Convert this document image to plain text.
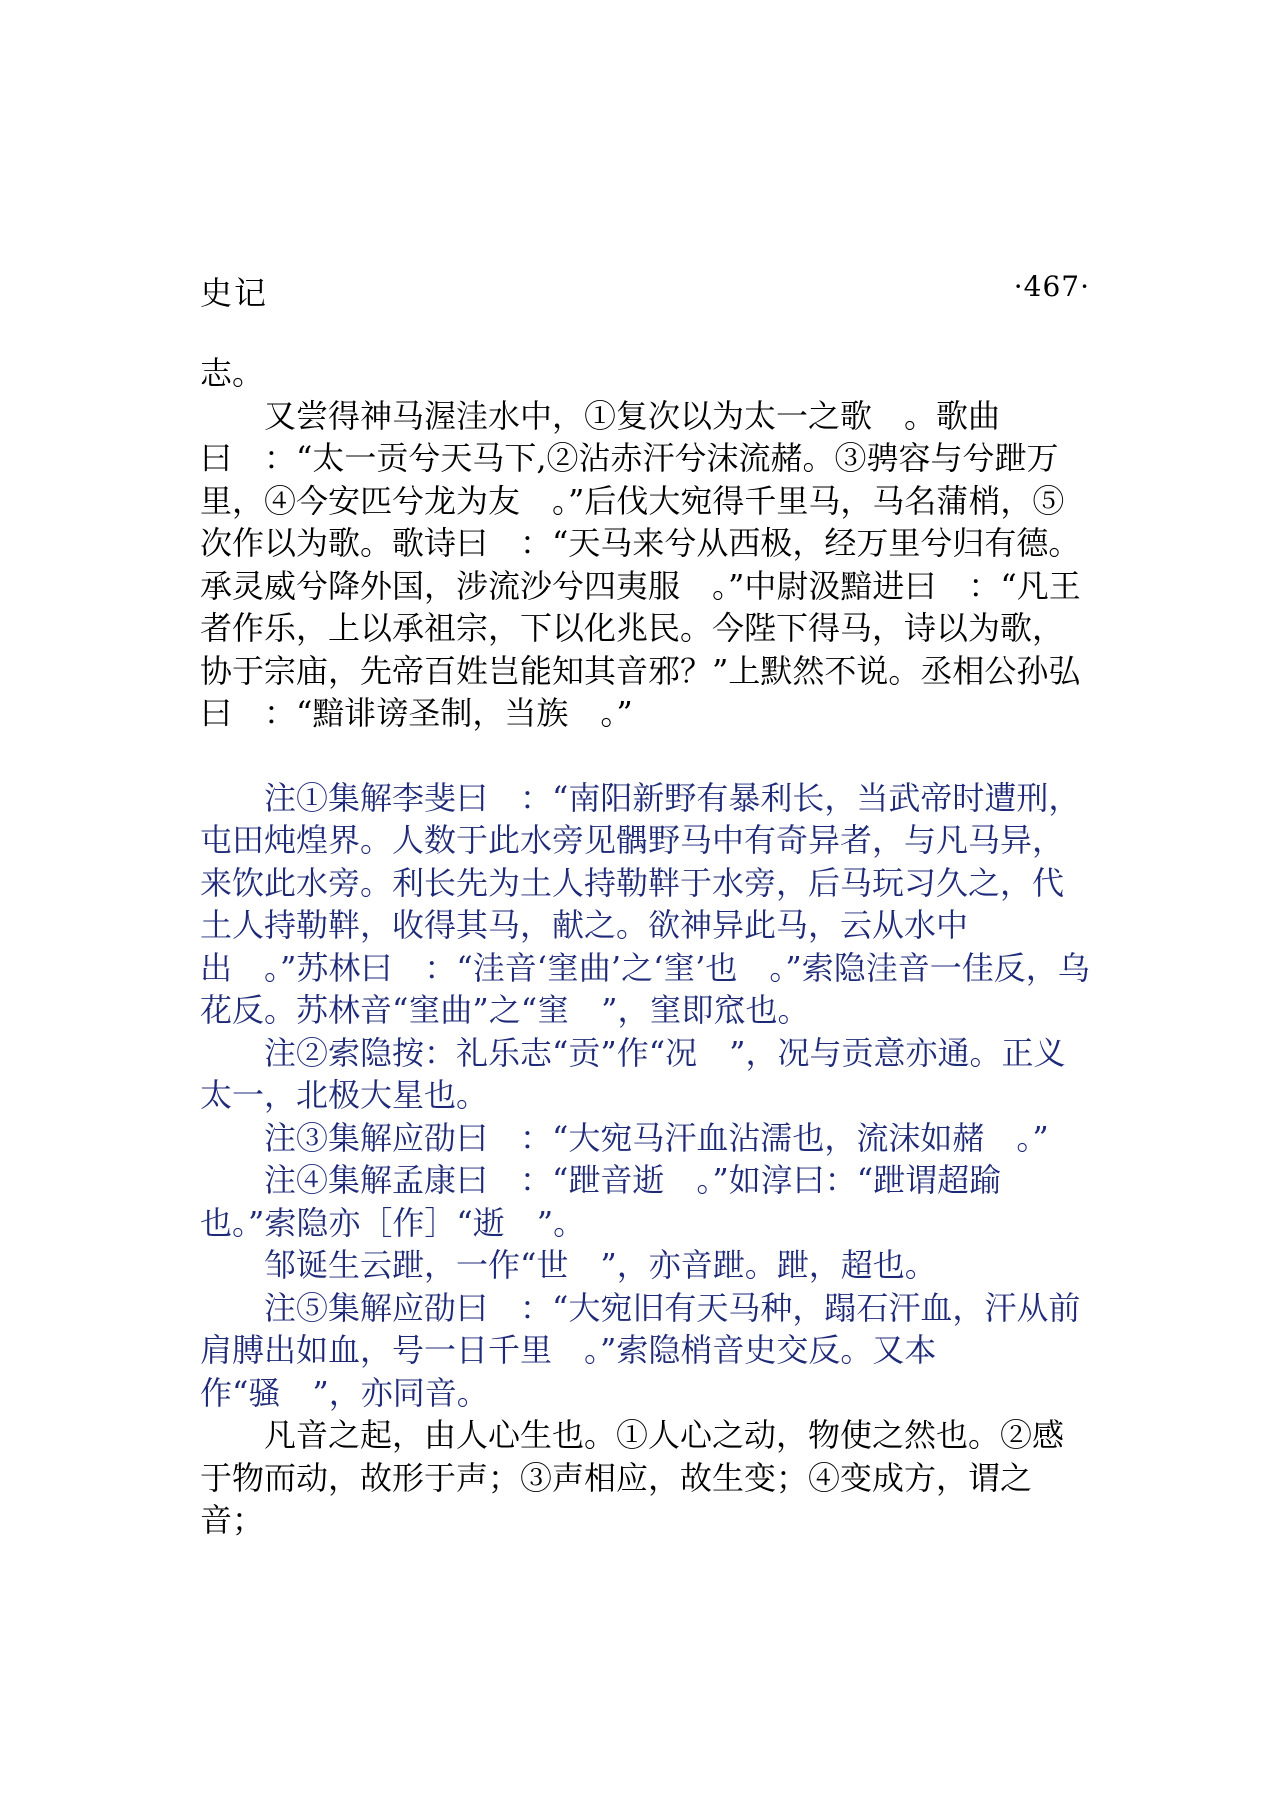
史记	·467·

志。

又尝得神马渥洼水中，①复次以为太一之歌　。歌曲曰　：“太一贡兮天马下,②沾赤汗兮沫流赭。③骋容与兮跇万里，④今安匹兮龙为友　。”后伐大宛得千里马，马名蒲梢，⑤次作以为歌。歌诗曰　：“天马来兮从西极，经万里兮归有德。承灵威兮降外国，涉流沙兮四夷服　。”中尉汲黯进曰　：“凡王者作乐，上以承祖宗，下以化兆民。今陛下得马，诗以为歌，协于宗庙，先帝百姓岂能知其音邪？”上默然不说。丞相公孙弘曰　：“黯诽谤圣制，当族　。”

注①集解李斐曰　：“南阳新野有暴利长，当武帝时遭刑，屯田炖煌界。人数于此水旁见髃野马中有奇异者，与凡马异，来饮此水旁。利长先为土人持勒靽于水旁，后马玩习久之，代土人持勒靽，收得其马，献之。欲神异此马，云从水中出　。”苏林曰　：“洼音‘窐曲’之‘窐’也　。”索隐洼音一佳反，乌花反。苏林音“窐曲”之“窐　”，窐即窊也。

注②索隐按：礼乐志“贡”作“况　”，况与贡意亦通。正义太一，北极大星也。

注③集解应劭曰　：“大宛马汗血沾濡也，流沫如赭　。”

注④集解孟康曰　：“跇音逝　。”如淳曰：“跇谓超踰也。”索隐亦［作］“逝　”。

邹诞生云跇，一作“世　”，亦音跇。跇，超也。

注⑤集解应劭曰　：“大宛旧有天马种，蹋石汗血，汗从前肩膊出如血，号一日千里　。”索隐梢音史交反。又本作“骚　”，亦同音。

凡音之起，由人心生也。①人心之动，物使之然也。②感于物而动，故形于声；③声相应，故生变；④变成方，谓之音；
